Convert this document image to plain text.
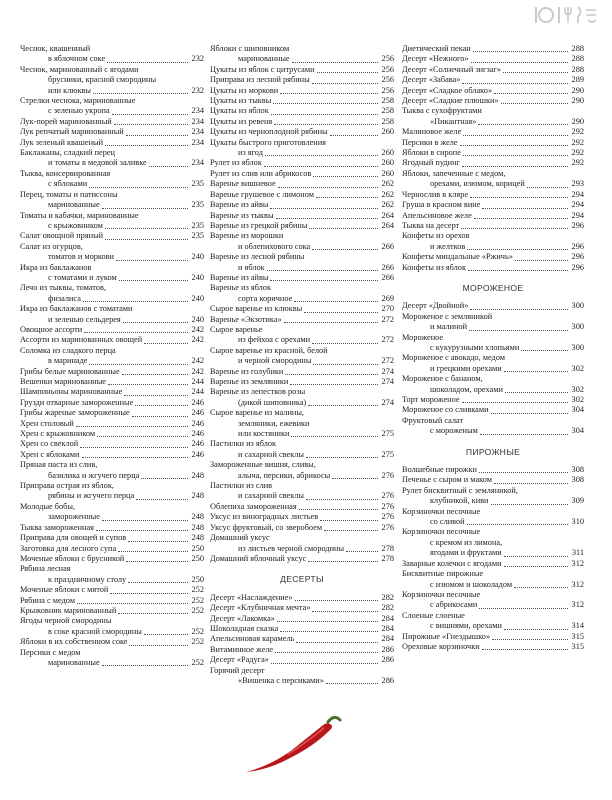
Чеснок, квашенный
в яблочном соке	232
Чеснок, маринованный с ягодами
брусники, красной смородины
или клюквы	232
Стрелки чеснока, маринованные
с зеленью укропа	234
Лук-порей маринованный	234
Лук репчатый маринованный	234
Лук зеленый квашеный	234
Баклажаны, сладкий перец
и томаты в медовой заливке	234
Тыква, консервированная
с яблоками	235
Перец, томаты и патиссоны
маринованные	235
Томаты и кабачки, маринованные
с крыжовником	235
Салат овощной пряный	235
Салат из огурцов,
томатов и моркови	240
Икра из баклажанов
с томатами и луком	240
Лечо из тыквы, томатов,
физалиса	240
Икра из баклажанов с томатами
и зеленью сельдерея	240
Овощное ассорти	242
Ассорти из маринованных овощей	242
Соломка из сладкого перца
в маринаде	242
Грибы белые маринованные	242
Вешенки маринованные	244
Шампиньоны маринованные	244
Грузди отварные замороженные	246
Грибы жареные замороженные	246
Хрен столовый	246
Хрен с крыжовником	246
Хрен со свеклой	246
Хрен с яблоками	246
Пряная паста из слив,
базилика и жгучего перца	248
Приправа острая из яблок,
рябины и жгучего перца	248
Молодые бобы,
замороженные	248
Тыква замороженная	248
Приправа для овощей и супов	248
Заготовка для лесного супа	250
Моченые яблоки с брусникой	250
Рябина лесная
к праздничному столу	250
Моченые яблоки с мятой	252
Рябина с медом	252
Крыжовник маринованный	252
Ягоды черной смородины
в соке красной смородины	252
Яблоки в их собственном соке	252
Персики с медом
маринованные	252
Яблоки с шиповником
маринованные	256
Цукаты из яблок с цитрусами	256
Приправа из лесной рябины	256
Цукаты из моркови	256
Цукаты из тыквы	258
Цукаты из яблок	258
Цукаты из ревеня	258
Цукаты из черноплодной рябины	260
Цукаты быстрого приготовления
из ягод	260
Рулет из яблок	260
Рулет из слив или абрикосов	260
Варенье вишневое	262
Варенье грушевое с лимоном	262
Варенье из айвы	262
Варенье из тыквы	264
Варенье из грецкой рябины	264
Варенье из морошки
и облепихового сока	266
Варенье из лесной рябины
и яблок	266
Варенье из айвы	266
Варенье из яблок
сорта коричное	269
Сырое варенье из клюквы	270
Варенье «Экзотика»	272
Сырое варенье
из фейхоа с орехами	272
Сырое варенье из красной, белой
и черной смородины	272
Варенье из голубики	274
Варенье из земляники	274
Варенье из лепестков розы
(дикой шиповника)	274
Сырое варенье из малины,
земляники, ежевики
или костяники	275
Пастилки из яблок
и сахарной свеклы	275
Замороженные вишня, сливы,
алыча, персики, абрикосы	276
Пастилки из слив
и сахарной свеклы	276
Облепиха замороженная	276
Уксус из виноградных листьев	276
Уксус фруктовый, со зверобоем	276
Домашний уксус
из листьев черной смородины	278
Домашний яблочный уксус	278
ДЕСЕРТЫ
Десерт «Наслаждение»	282
Десерт «Клубничная мечта»	282
Десерт «Лакомка»	284
Шоколадная сказка	284
Апельсиновая карамель	284
Витаминное желе	286
Десерт «Радуга»	286
Горячий десерт
«Вишенка с персиками»	286
Диетический пекан	288
Десерт «Нежного»	288
Десерт «Солнечный зигзаг»	288
Десерт «Забава»	289
Десерт «Сладкое облако»	290
Десерт «Сладкие плюшки»	290
Тыква с сухофруктами
«Пикантная»	290
Малиновое желе	292
Персики в желе	292
Яблоки в сиропе	292
Ягодный пудинг	292
Яблоки, запеченные с медом,
орехами, изюмом, корицей	293
Чернослив в кляре	294
Груша в красном вине	294
Апельсиновое желе	294
Тыква на десерт	296
Конфеты из орехов
и желтков	296
Конфеты миндальные «Ржичь»	296
Конфеты из яблок	296
МОРОЖЕНОЕ
Десерт «Двойной»	300
Мороженое с земляникой
и малиной	300
Мороженое
с кукурузными хлопьями	300
Мороженое с авокадо, медом
и грецкими орехами	302
Мороженое с бананом,
шоколадом, орехами	302
Торт мороженое	302
Мороженое со сливками	304
Фруктовый салат
с мороженым	304
ПИРОЖНЫЕ
Волшебные пирожки	308
Печенье с сыром и маком	308
Рулет бисквитный с земляникой,
клубникой, киви	309
Корзиночки песочные
со сливой	310
Корзиночки песочные
с кремом из лимона,
ягодами и фруктами	311
Заварные колечки с ягодами	312
Бисквитные пирожные
с изюмом и шоколадом	312
Корзиночки песочные
с абрикосами	312
Слоеные слоеные
с вишнями, орехами	314
Пирожные «Гнездышко»	315
Ореховые корзиночки	315
